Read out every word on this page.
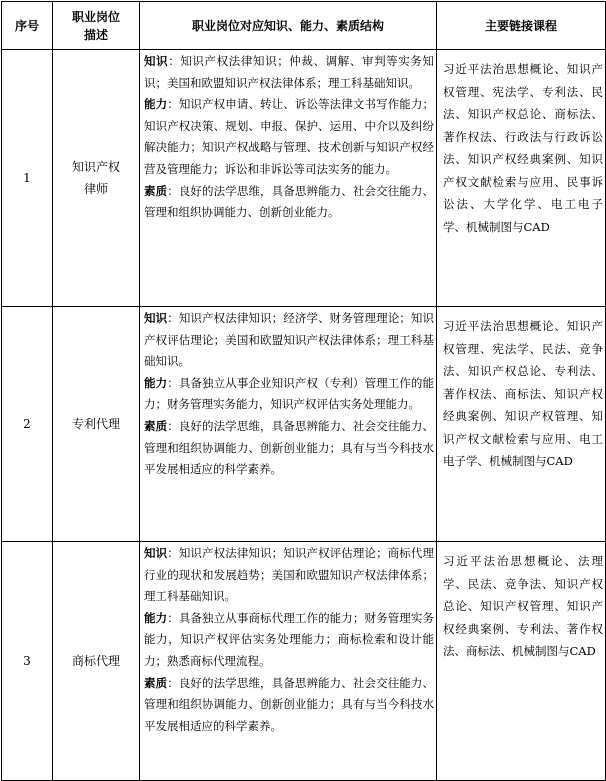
序号	职业岗位描述	职业岗位对应知识、能力、素质结构	主要链接课程
1	知识产权律师	知识：知识产权法律知识；仲裁、调解、审判等实务知识；美国和欧盟知识产权法律体系；理工科基础知识。

能力：知识产权申请、转让、诉讼等法律文书写作能力；知识产权决策、规划、申报、保护、运用、中介以及纠纷解决能力；知识产权战略与管理、技术创新与知识产权经营及管理能力；诉讼和非诉讼等司法实务的能力。

素质：良好的法学思维，具备思辨能力、社会交往能力、管理和组织协调能力、创新创业能力。	习近平法治思想概论、知识产权管理、宪法学、专利法、民法、知识产权总论、商标法、著作权法、行政法与行政诉讼法、知识产权经典案例、知识产权文献检索与应用、民事诉讼法、大学化学、电工电子学、机械制图与CAD
2	专利代理	知识：知识产权法律知识；经济学、财务管理理论；知识产权评估理论；美国和欧盟知识产权法律体系；理工科基础知识。

能力：具备独立从事企业知识产权（专利）管理工作的能力；财务管理实务能力，知识产权评估实务处理能力。

素质：良好的法学思维，具备思辨能力、社会交往能力、管理和组织协调能力、创新创业能力；具有与当今科技水平发展相适应的科学素养。	习近平法治思想概论、知识产权管理、宪法学、民法、竞争法、知识产权总论、专利法、著作权法、商标法、知识产权经典案例、知识产权管理、知识产权文献检索与应用、电工电子学、机械制图与CAD
3	商标代理	知识：知识产权法律知识；知识产权评估理论；商标代理行业的现状和发展趋势；美国和欧盟知识产权法律体系；理工科基础知识。

能力：具备独立从事商标代理工作的能力；财务管理实务能力，知识产权评估实务处理能力；商标检索和设计能力；熟悉商标代理流程。

素质：良好的法学思维，具备思辨能力、社会交往能力、管理和组织协调能力、创新创业能力；具有与当今科技水平发展相适应的科学素养。	习近平法治思想概论、法理学、民法、竞争法、知识产权总论、知识产权管理、知识产权经典案例、专利法、著作权法、商标法、机械制图与CAD
